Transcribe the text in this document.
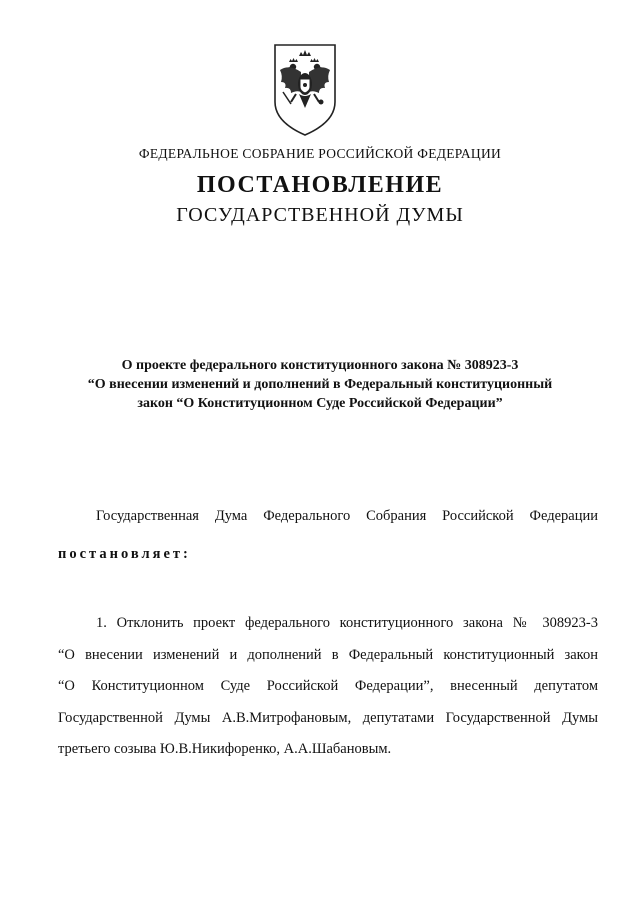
ФЕДЕРАЛЬНОЕ СОБРАНИЕ РОССИЙСКОЙ ФЕДЕРАЦИИ
ПОСТАНОВЛЕНИЕ
ГОСУДАРСТВЕННОЙ ДУМЫ
О проекте федерального конституционного закона № 308923-3
“О внесении изменений и дополнений в Федеральный конституционный
закон “О Конституционном Суде Российской Федерации”
Государственная Дума Федерального Собрания Российской Федерации
постановляет:
1. Отклонить проект федерального конституционного закона № 308923-3
“О внесении изменений и дополнений в Федеральный конституционный закон
“О Конституционном Суде Российской Федерации”, внесенный депутатом
Государственной Думы А.В.Митрофановым, депутатами Государственной Думы
третьего созыва Ю.В.Никифоренко, А.А.Шабановым.
